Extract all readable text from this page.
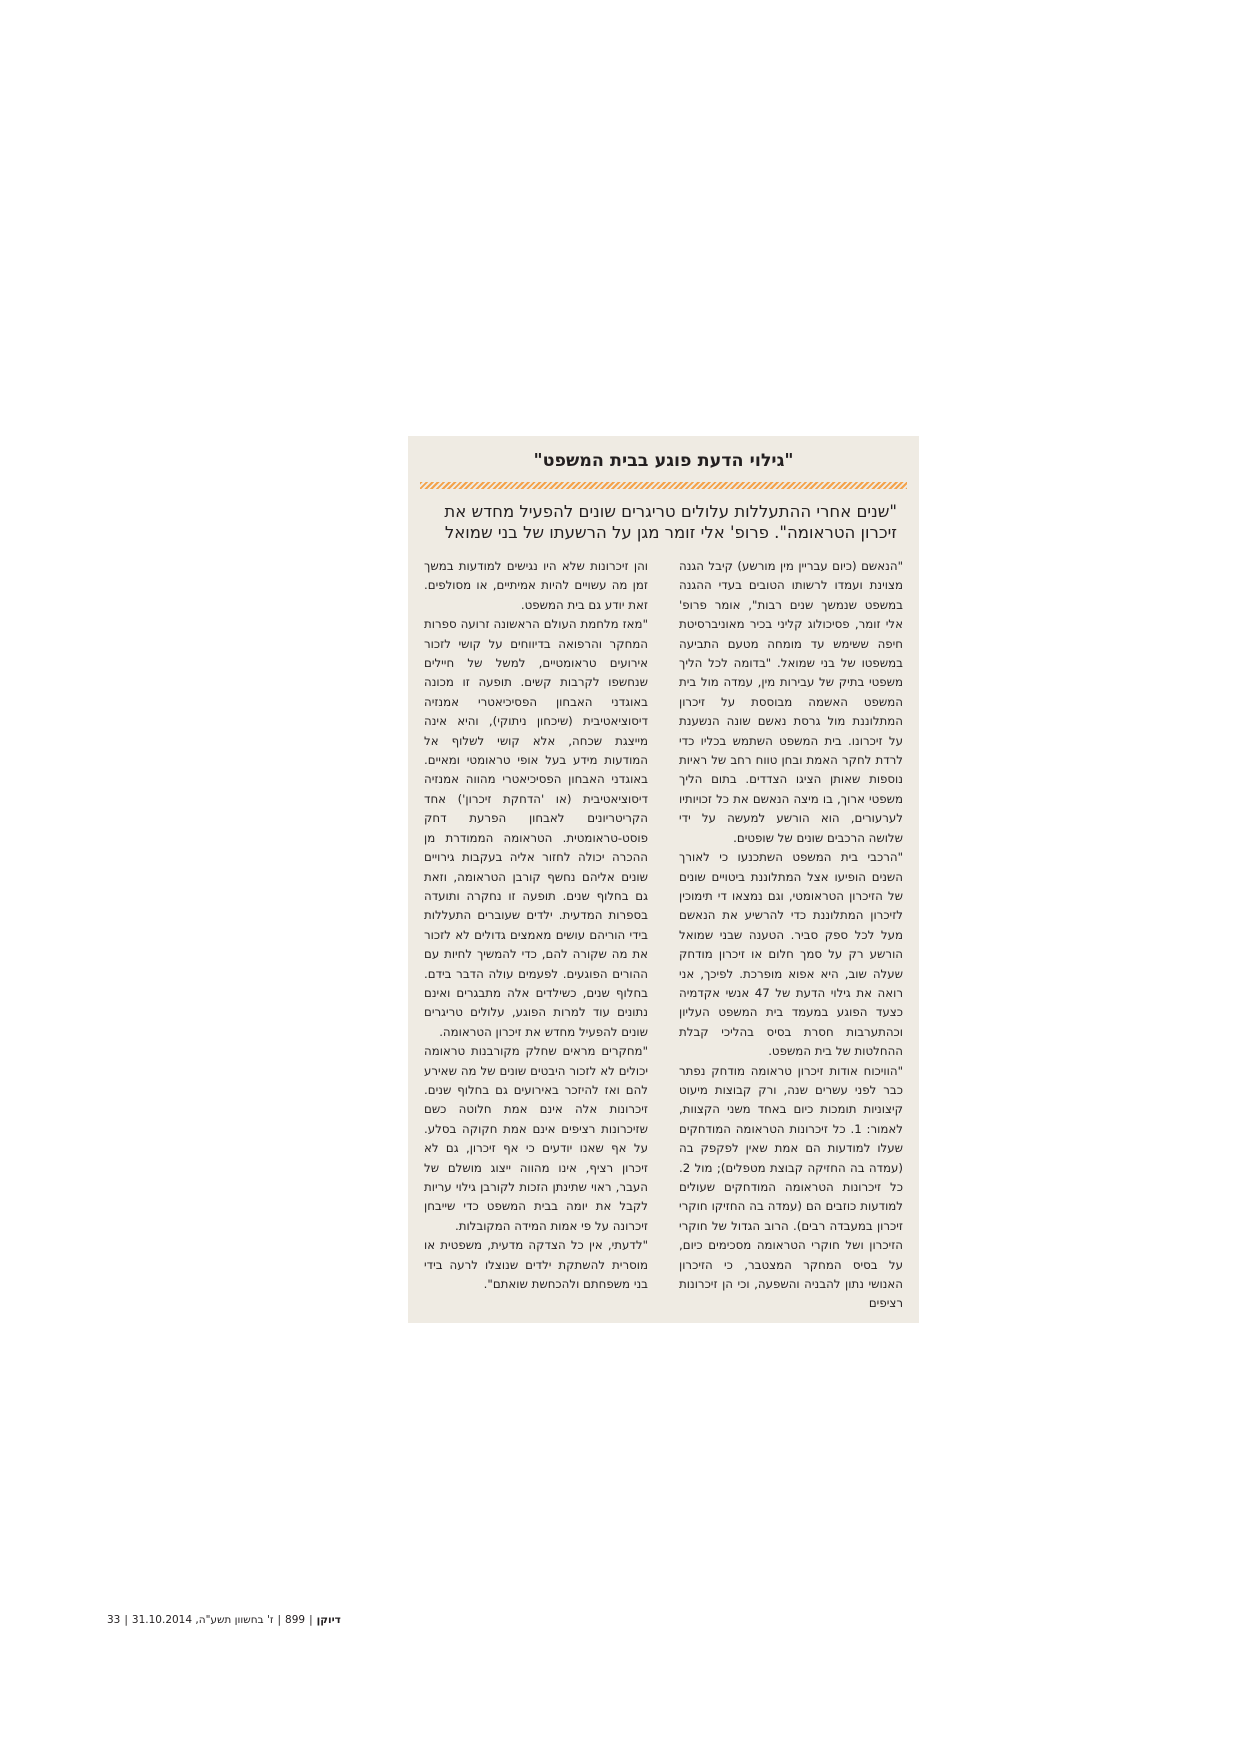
"גילוי הדעת פוגע בבית המשפט"
"שנים אחרי ההתעללות עלולים טריגרים שונים להפעיל מחדש את
זיכרון הטראומה". פרופ' אלי זומר מגן על הרשעתו של בני שמואל

"הנאשם (כיום עבריין מין מורשע) קיבל הגנה מצוינת ועמדו לרשותו הטובים בעדי ההגנה במשפט שנמשך שנים רבות", אומר פרופ' אלי זומר, פסיכולוג קליני בכיר מאוניברסיטת חיפה ששימש עד מומחה מטעם התביעה במשפטו של בני שמואל. "בדומה לכל הליך משפטי בתיק של עבירות מין, עמדה מול בית המשפט האשמה מבוססת על זיכרון המתלוננת מול גרסת נאשם שונה הנשענת על זיכרונו. בית המשפט השתמש בכליו כדי לרדת לחקר האמת ובחן טווח רחב של ראיות נוספות שאותן הציגו הצדדים. בתום הליך משפטי ארוך, בו מיצה הנאשם את כל זכויותיו לערעורים, הוא הורשע למעשה על ידי שלושה הרכבים שונים של שופטים.

"הרכבי בית המשפט השתכנעו כי לאורך השנים הופיעו אצל המתלוננת ביטויים שונים של הזיכרון הטראומטי, וגם נמצאו די תימוכין לזיכרון המתלוננת כדי להרשיע את הנאשם מעל לכל ספק סביר. הטענה שבני שמואל הורשע רק על סמך חלום או זיכרון מודחק שעלה שוב, היא אפוא מופרכת. לפיכך, אני רואה את גילוי הדעת של 47 אנשי אקדמיה כצעד הפוגע במעמד בית המשפט העליון וכהתערבות חסרת בסיס בהליכי קבלת ההחלטות של בית המשפט.

"הוויכוח אודות זיכרון טראומה מודחק נפתר כבר לפני עשרים שנה, ורק קבוצות מיעוט קיצוניות תומכות כיום באחד משני הקצוות, לאמור: 1. כל זיכרונות הטראומה המודחקים שעלו למודעות הם אמת שאין לפקפק בה (עמדה בה החזיקה קבוצת מטפלים); מול 2. כל זיכרונות הטראומה המודחקים שעולים למודעות כוזבים הם (עמדה בה החזיקו חוקרי זיכרון במעבדה רבים). הרוב הגדול של חוקרי הזיכרון ושל חוקרי הטראומה מסכימים כיום, על בסיס המחקר המצטבר, כי הזיכרון האנושי נתון להבניה והשפעה, וכי הן זיכרונות רציפים

והן זיכרונות שלא היו נגישים למודעות במשך זמן מה עשויים להיות אמיתיים, או מסולפים. זאת יודע גם בית המשפט.

"מאז מלחמת העולם הראשונה זרועה ספרות המחקר והרפואה בדיווחים על קושי לזכור אירועים טראומטיים, למשל של חיילים שנחשפו לקרבות קשים. תופעה זו מכונה באוגדני האבחון הפסיכיאטרי אמנזיה דיסוציאטיבית (שיכחון ניתוקי), והיא אינה מייצגת שכחה, אלא קושי לשלוף אל המודעות מידע בעל אופי טראומטי ומאיים. באוגדני האבחון הפסיכיאטרי מהווה אמנזיה דיסוציאטיבית (או 'הדחקת זיכרון') אחד הקריטריונים לאבחון הפרעת דחק פוסט-טראומטית. הטראומה הממודרת מן ההכרה יכולה לחזור אליה בעקבות גירויים שונים אליהם נחשף קורבן הטראומה, וזאת גם בחלוף שנים. תופעה זו נחקרה ותועדה בספרות המדעית. ילדים שעוברים התעללות בידי הוריהם עושים מאמצים גדולים לא לזכור את מה שקורה להם, כדי להמשיך לחיות עם ההורים הפוגעים. לפעמים עולה הדבר בידם. בחלוף שנים, כשילדים אלה מתבגרים ואינם נתונים עוד למרות הפוגע, עלולים טריגרים שונים להפעיל מחדש את זיכרון הטראומה.

"מחקרים מראים שחלק מקורבנות טראומה יכולים לא לזכור היבטים שונים של מה שאירע להם ואז להיזכר באירועים גם בחלוף שנים. זיכרונות אלה אינם אמת חלוטה כשם שזיכרונות רציפים אינם אמת חקוקה בסלע. על אף שאנו יודעים כי אף זיכרון, גם לא זיכרון רציף, אינו מהווה ייצוג מושלם של העבר, ראוי שתינתן הזכות לקורבן גילוי עריות לקבל את יומה בבית המשפט כדי שייבחן זיכרונה על פי אמות המידה המקובלות.

"לדעתי, אין כל הצדקה מדעית, משפטית או מוסרית להשתקת ילדים שנוצלו לרעה בידי בני משפחתם ולהכחשת שואתם".

33 | 31.10.2014 ז' בחשוון תשע"ה, | 899 | דיוקן
